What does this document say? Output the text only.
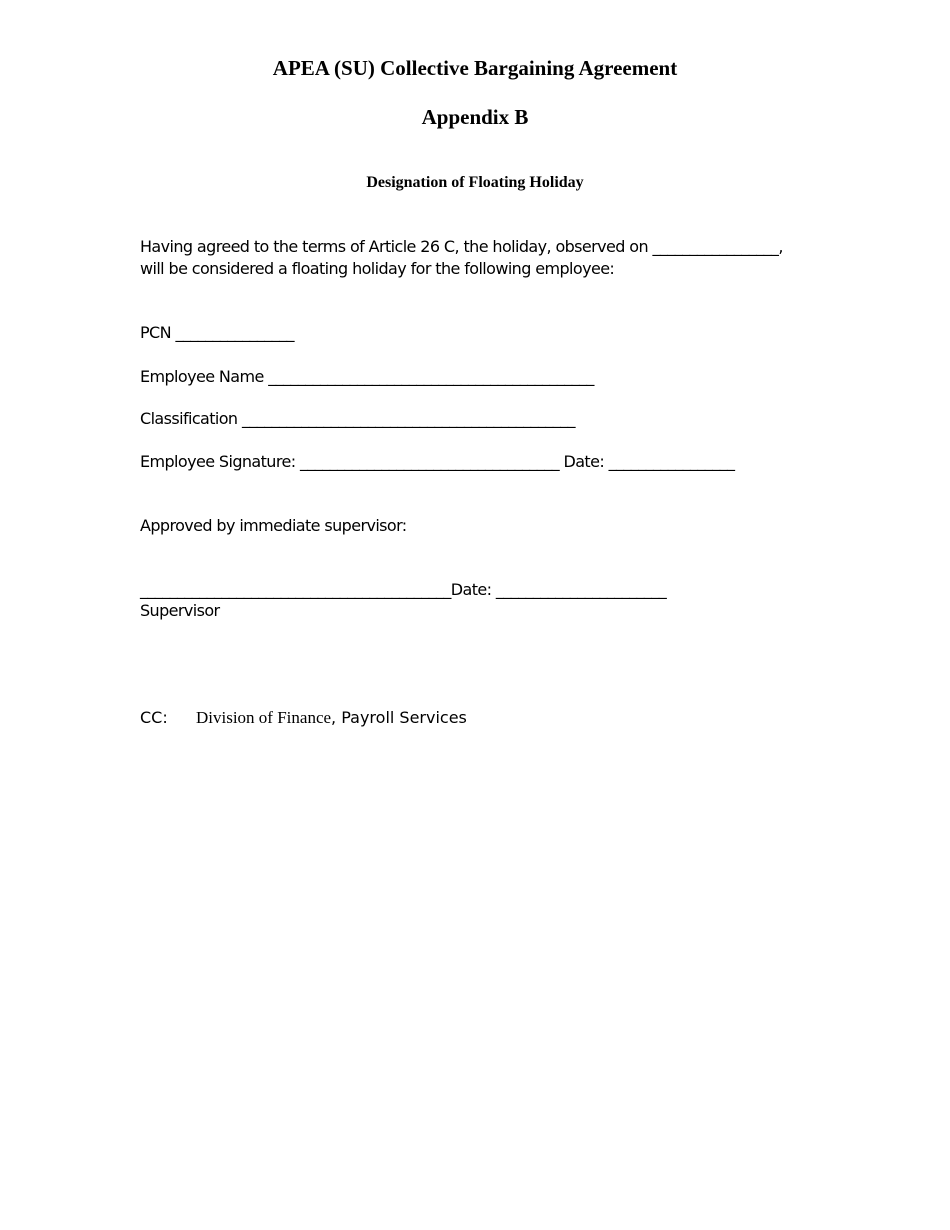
APEA (SU) Collective Bargaining Agreement
Appendix B
Designation of Floating Holiday
Having agreed to the terms of Article 26 C, the holiday, observed on _________________,
will be considered a floating holiday for the following employee:
PCN ________________
Employee Name ____________________________________________
Classification _____________________________________________
Employee Signature: ___________________________________ Date: _________________
Approved by immediate supervisor:
__________________________________________Date: _______________________
Supervisor
CC: Division of Finance, Payroll Services
